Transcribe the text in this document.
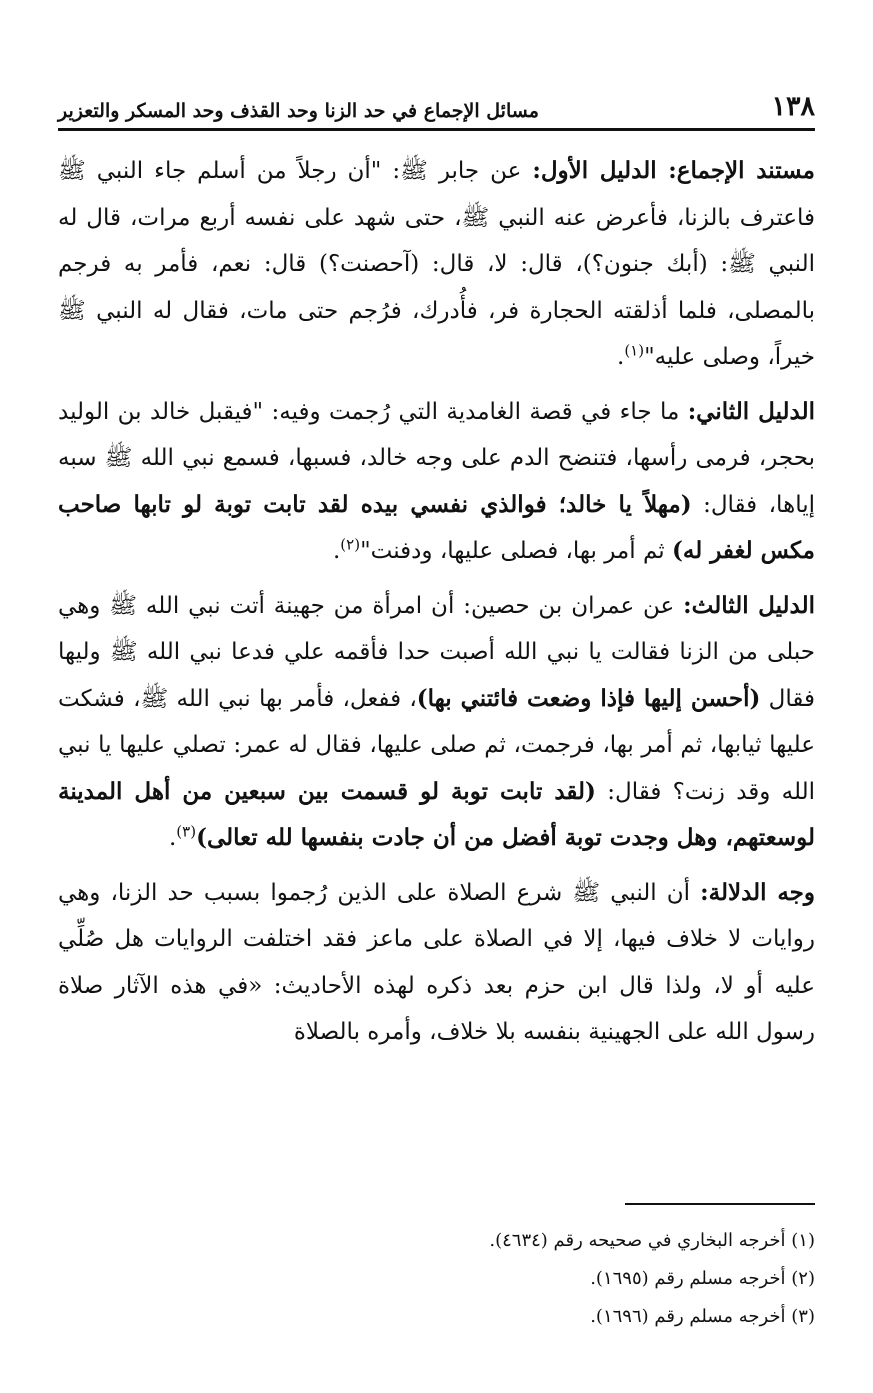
١٣٨
مسائل الإجماع في حد الزنا وحد القذف وحد المسكر والتعزير

مستند الإجماع: الدليل الأول: عن جابر ﷺ: "أن رجلاً من أسلم جاء النبي ﷺ فاعترف بالزنا، فأعرض عنه النبي ﷺ، حتى شهد على نفسه أربع مرات، قال له النبي ﷺ: (أبك جنون؟)، قال: لا، قال: (آحصنت؟) قال: نعم، فأمر به فرجم بالمصلى، فلما أذلقته الحجارة فر، فأُدرك، فرُجم حتى مات، فقال له النبي ﷺ خيراً، وصلى عليه"$^{(١)}$.

الدليل الثاني: ما جاء في قصة الغامدية التي رُجمت وفيه: "فيقبل خالد بن الوليد بحجر، فرمى رأسها، فتنضح الدم على وجه خالد، فسبها، فسمع نبي الله ﷺ سبه إياها، فقال: (مهلاً يا خالد؛ فوالذي نفسي بيده لقد تابت توبة لو تابها صاحب مكس لغفر له) ثم أمر بها، فصلى عليها، ودفنت"$^{(٢)}$.

الدليل الثالث: عن عمران بن حصين: أن امرأة من جهينة أتت نبي الله ﷺ وهي حبلى من الزنا فقالت يا نبي الله أصبت حدا فأقمه علي فدعا نبي الله ﷺ وليها فقال (أحسن إليها فإذا وضعت فائتني بها)، ففعل، فأمر بها نبي الله ﷺ، فشكت عليها ثيابها، ثم أمر بها، فرجمت، ثم صلى عليها، فقال له عمر: تصلي عليها يا نبي الله وقد زنت؟ فقال: (لقد تابت توبة لو قسمت بين سبعين من أهل المدينة لوسعتهم، وهل وجدت توبة أفضل من أن جادت بنفسها لله تعالى)$^{(٣)}$.

وجه الدلالة: أن النبي ﷺ شرع الصلاة على الذين رُجموا بسبب حد الزنا، وهي روايات لا خلاف فيها، إلا في الصلاة على ماعز فقد اختلفت الروايات هل صُلِّي عليه أو لا، ولذا قال ابن حزم بعد ذكره لهذه الأحاديث: «في هذه الآثار صلاة رسول الله على الجهينية بنفسه بلا خلاف، وأمره بالصلاة

(١) أخرجه البخاري في صحيحه رقم (٤٦٣٤).

(٢) أخرجه مسلم رقم (١٦٩٥).

(٣) أخرجه مسلم رقم (١٦٩٦).
